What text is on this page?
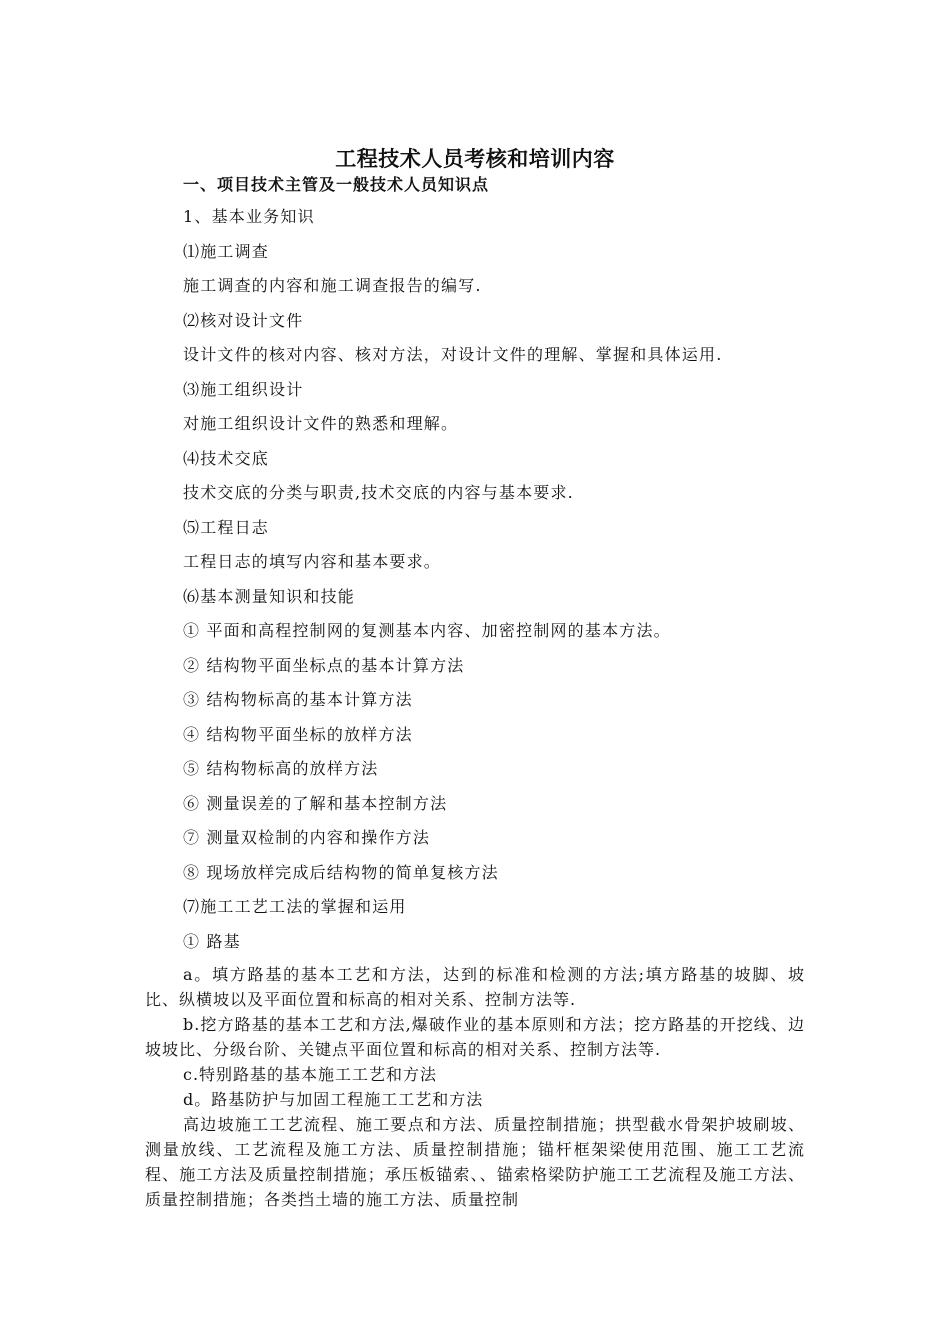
工程技术人员考核和培训内容
一、项目技术主管及一般技术人员知识点
1、基本业务知识
⑴施工调查
施工调查的内容和施工调查报告的编写.
⑵核对设计文件
设计文件的核对内容、核对方法，对设计文件的理解、掌握和具体运用.
⑶施工组织设计
对施工组织设计文件的熟悉和理解。
⑷技术交底
技术交底的分类与职责,技术交底的内容与基本要求.
⑸工程日志
工程日志的填写内容和基本要求。
⑹基本测量知识和技能
① 平面和高程控制网的复测基本内容、加密控制网的基本方法。
② 结构物平面坐标点的基本计算方法
③ 结构物标高的基本计算方法
④ 结构物平面坐标的放样方法
⑤ 结构物标高的放样方法
⑥ 测量误差的了解和基本控制方法
⑦ 测量双检制的内容和操作方法
⑧ 现场放样完成后结构物的简单复核方法
⑺施工工艺工法的掌握和运用
① 路基
a。填方路基的基本工艺和方法，达到的标准和检测的方法;填方路基的坡脚、坡比、纵横坡以及平面位置和标高的相对关系、控制方法等.
b.挖方路基的基本工艺和方法,爆破作业的基本原则和方法；挖方路基的开挖线、边坡坡比、分级台阶、关键点平面位置和标高的相对关系、控制方法等.
c.特别路基的基本施工工艺和方法
d。路基防护与加固工程施工工艺和方法
高边坡施工工艺流程、施工要点和方法、质量控制措施；拱型截水骨架护坡刷坡、测量放线、工艺流程及施工方法、质量控制措施；锚杆框架梁使用范围、施工工艺流程、施工方法及质量控制措施；承压板锚索、、锚索格梁防护施工工艺流程及施工方法、质量控制措施；各类挡土墙的施工方法、质量控制
